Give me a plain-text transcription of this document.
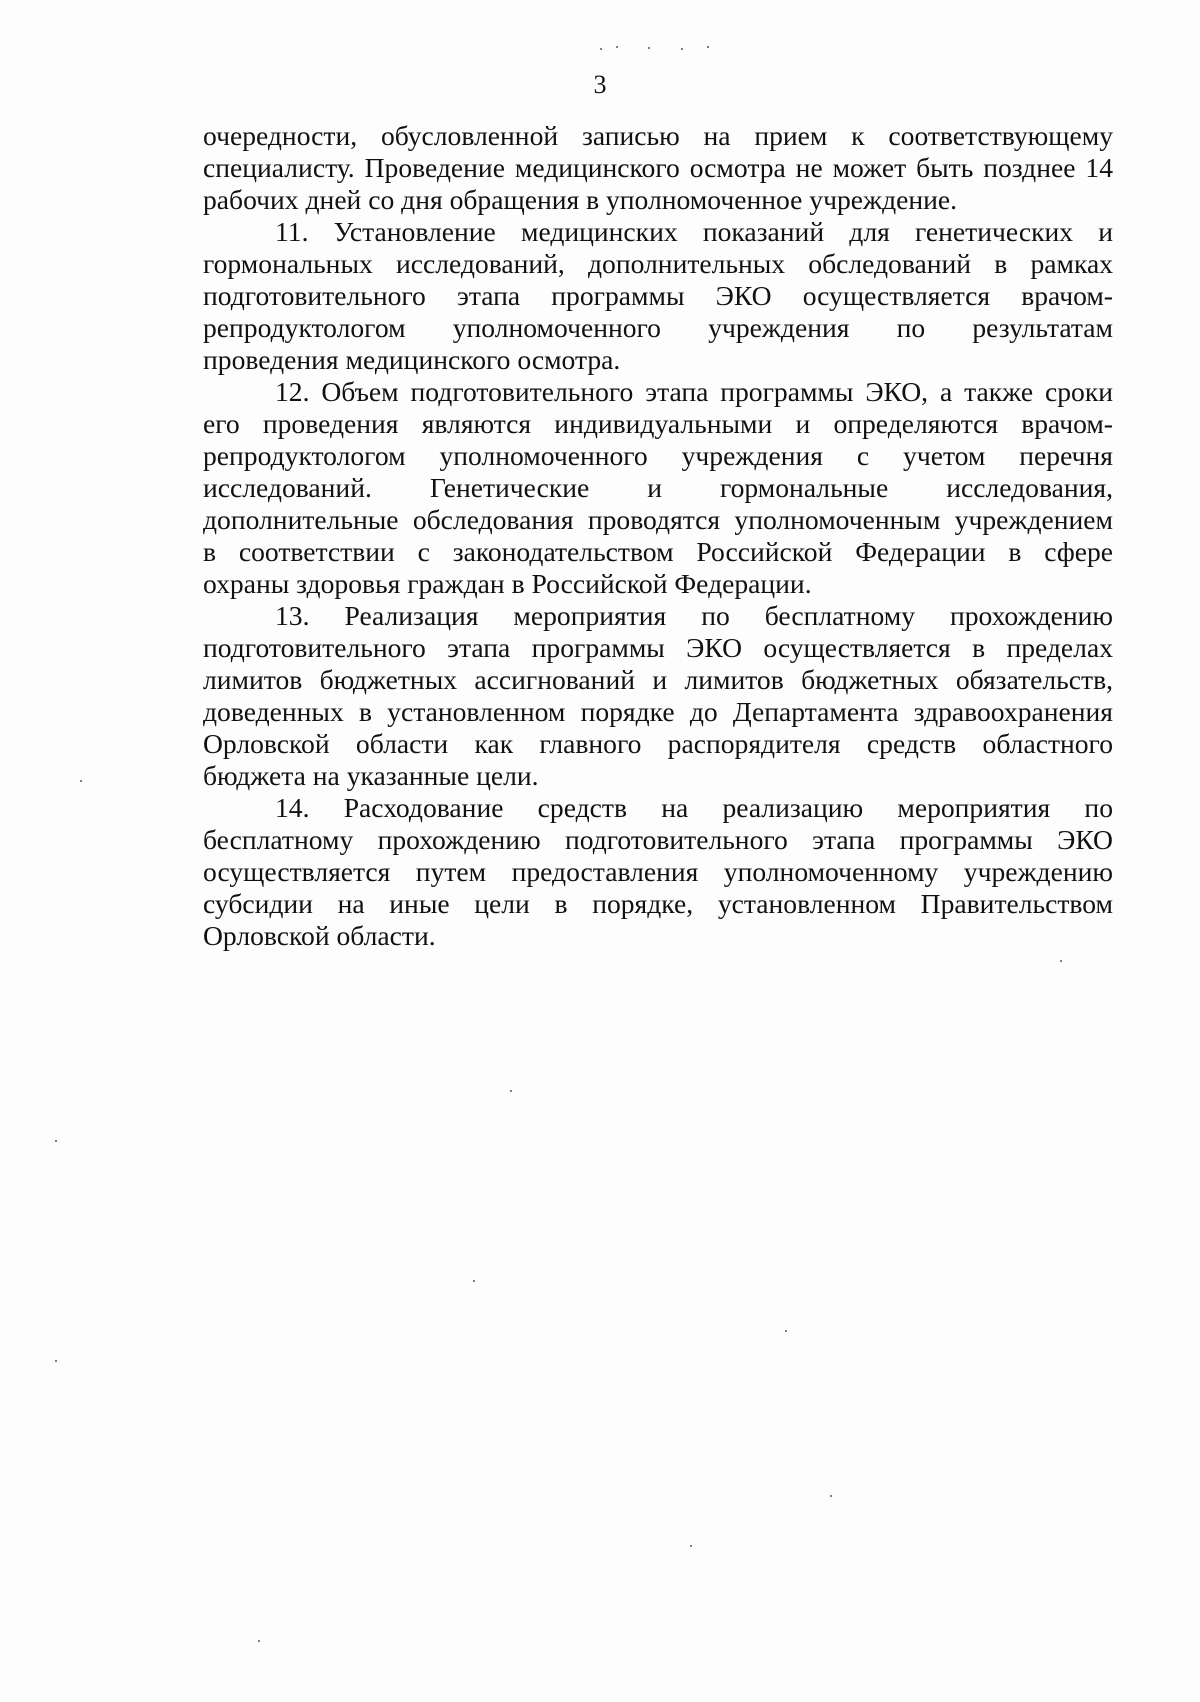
3
очередности, обусловленной записью на прием к соответствующему
специалисту. Проведение медицинского осмотра не может быть позднее 14
рабочих дней со дня обращения в уполномоченное учреждение.
11. Установление медицинских показаний для генетических и
гормональных исследований, дополнительных обследований в рамках
подготовительного этапа программы ЭКО осуществляется врачом-
репродуктологом уполномоченного учреждения по результатам
проведения медицинского осмотра.
12. Объем подготовительного этапа программы ЭКО, а также сроки
его проведения являются индивидуальными и определяются врачом-
репродуктологом уполномоченного учреждения с учетом перечня
исследований. Генетические и гормональные исследования,
дополнительные обследования проводятся уполномоченным учреждением
в соответствии с законодательством Российской Федерации в сфере
охраны здоровья граждан в Российской Федерации.
13. Реализация мероприятия по бесплатному прохождению
подготовительного этапа программы ЭКО осуществляется в пределах
лимитов бюджетных ассигнований и лимитов бюджетных обязательств,
доведенных в установленном порядке до Департамента здравоохранения
Орловской области как главного распорядителя средств областного
бюджета на указанные цели.
14. Расходование средств на реализацию мероприятия по
бесплатному прохождению подготовительного этапа программы ЭКО
осуществляется путем предоставления уполномоченному учреждению
субсидии на иные цели в порядке, установленном Правительством
Орловской области.
